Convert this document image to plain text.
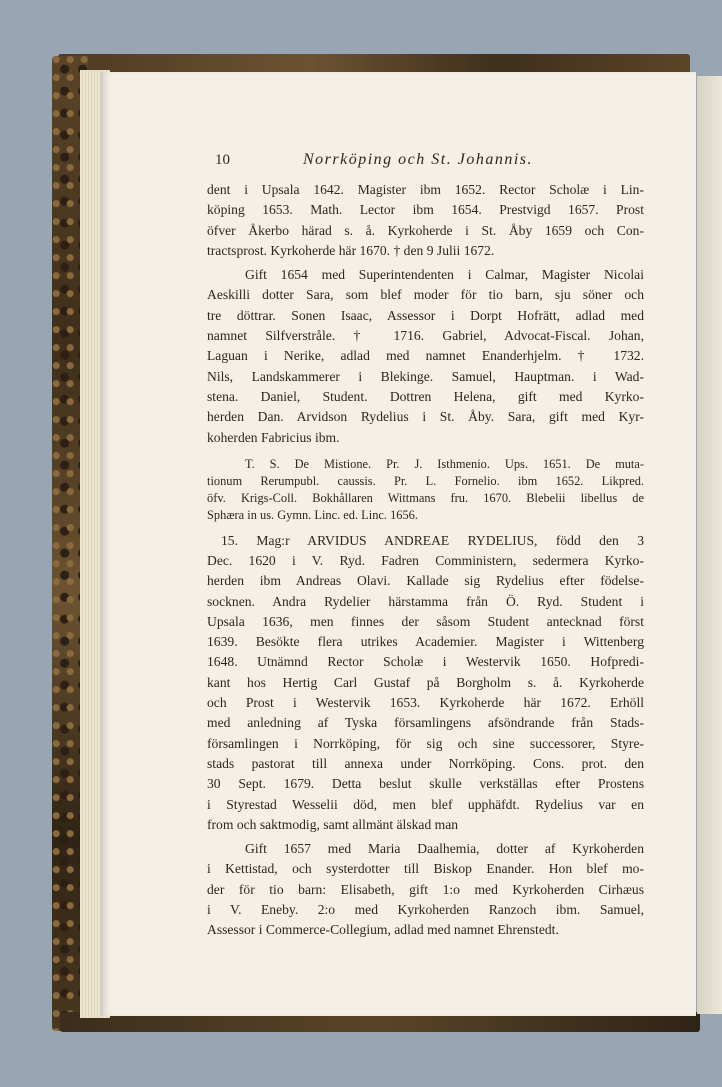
10	Norrköping och St. Johannis.
dent i Upsala 1642. Magister ibm 1652. Rector Scholæ i Lin-
köping 1653. Math. Lector ibm 1654. Prestvigd 1657. Prost
öfver Åkerbo härad s. å. Kyrkoherde i St. Åby 1659 och Con-
tractsprost. Kyrkoherde här 1670. † den 9 Julii 1672.
Gift 1654 med Superintendenten i Calmar, Magister Nicolai
Aeskilli dotter Sara, som blef moder för tio barn, sju söner och
tre döttrar. Sonen Isaac, Assessor i Dorpt Hofrätt, adlad med
namnet Silfverstråle. † 1716. Gabriel, Advocat-Fiscal. Johan,
Laguan i Nerike, adlad med namnet Enanderhjelm. † 1732.
Nils, Landskammerer i Blekinge. Samuel, Hauptman. i Wad-
stena. Daniel, Student. Dottren Helena, gift med Kyrko-
herden Dan. Arvidson Rydelius i St. Åby. Sara, gift med Kyr-
koherden Fabricius ibm.
T. S. De Mistione. Pr. J. Isthmenio. Ups. 1651. De muta-
tionum Rerumpubl. caussis. Pr. L. Fornelio. ibm 1652. Likpred.
öfv. Krigs-Coll. Bokhållaren Wittmans fru. 1670. Blebelii libellus de
Sphæra in us. Gymn. Linc. ed. Linc. 1656.
15. Mag:r ARVIDUS ANDREAE RYDELIUS, född den 3
Dec. 1620 i V. Ryd. Fadren Comministern, sedermera Kyrko-
herden ibm Andreas Olavi. Kallade sig Rydelius efter födelse-
socknen. Andra Rydelier härstamma från Ö. Ryd. Student i
Upsala 1636, men finnes der såsom Student antecknad först
1639. Besökte flera utrikes Academier. Magister i Wittenberg
1648. Utnämnd Rector Scholæ i Westervik 1650. Hofpredi-
kant hos Hertig Carl Gustaf på Borgholm s. å. Kyrkoherde
och Prost i Westervik 1653. Kyrkoherde här 1672. Erhöll
med anledning af Tyska församlingens afsöndrande från Stads-
församlingen i Norrköping, för sig och sine successorer, Styre-
stads pastorat till annexa under Norrköping. Cons. prot. den
30 Sept. 1679. Detta beslut skulle verkställas efter Prostens
i Styrestad Wesselii död, men blef upphäfdt. Rydelius var en
from och saktmodig, samt allmänt älskad man
Gift 1657 med Maria Daalhemia, dotter af Kyrkoherden
i Kettistad, och systerdotter till Biskop Enander. Hon blef mo-
der för tio barn: Elisabeth, gift 1:o med Kyrkoherden Cirhæus
i V. Eneby. 2:o med Kyrkoherden Ranzoch ibm. Samuel,
Assessor i Commerce-Collegium, adlad med namnet Ehrenstedt.
